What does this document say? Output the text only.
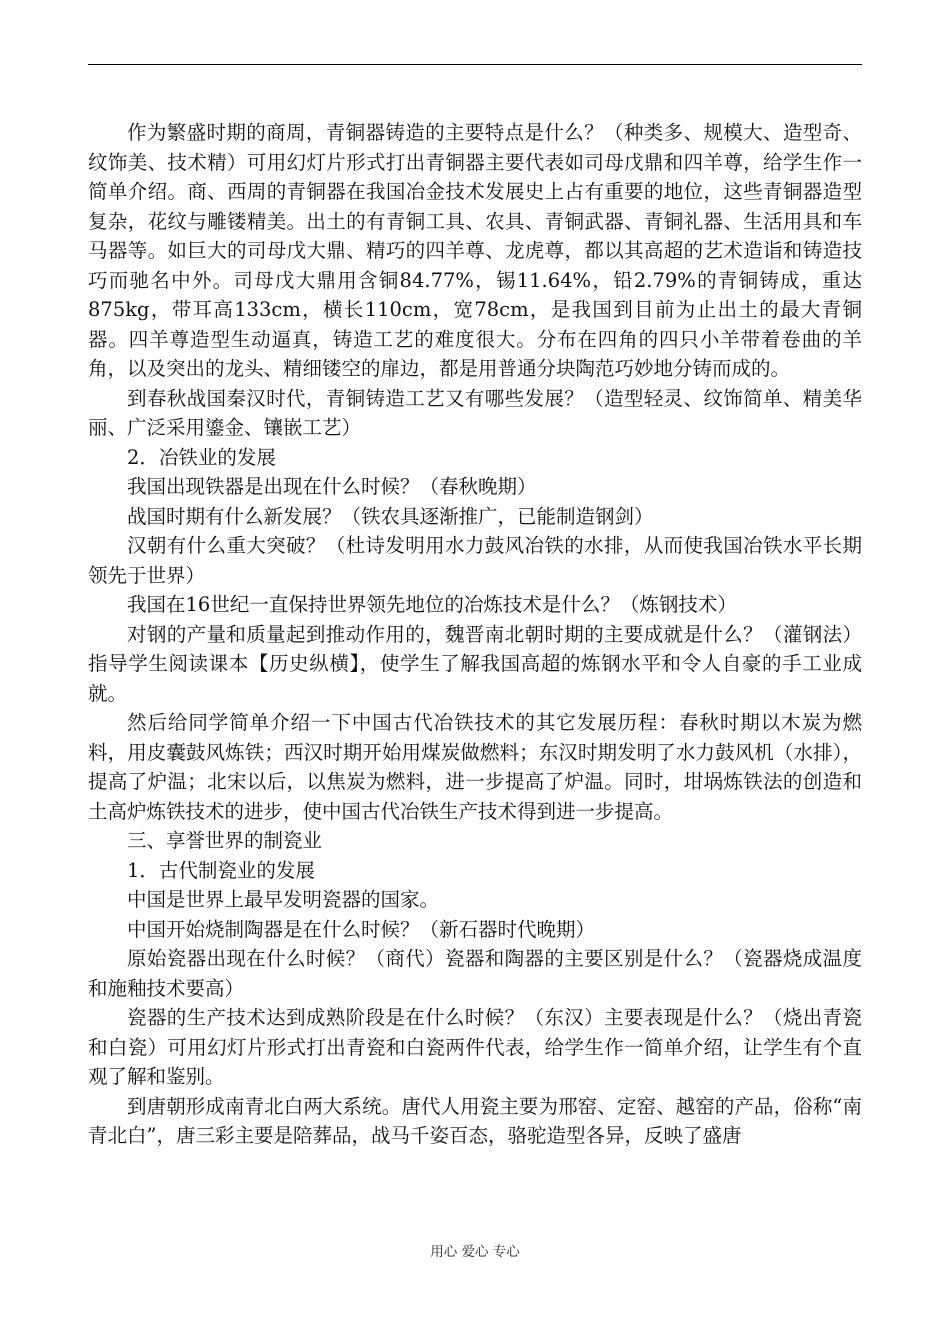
作为繁盛时期的商周，青铜器铸造的主要特点是什么？（种类多、规模大、造型奇、纹饰美、技术精）可用幻灯片形式打出青铜器主要代表如司母戊鼎和四羊尊，给学生作一简单介绍。商、西周的青铜器在我国冶金技术发展史上占有重要的地位，这些青铜器造型复杂，花纹与雕镂精美。出土的有青铜工具、农具、青铜武器、青铜礼器、生活用具和车马器等。如巨大的司母戊大鼎、精巧的四羊尊、龙虎尊，都以其高超的艺术造诣和铸造技巧而驰名中外。司母戊大鼎用含铜84.77%，锡11.64%，铅2.79%的青铜铸成，重达875kg，带耳高133cm，横长110cm，宽78cm，是我国到目前为止出土的最大青铜器。四羊尊造型生动逼真，铸造工艺的难度很大。分布在四角的四只小羊带着卷曲的羊角，以及突出的龙头、精细镂空的扉边，都是用普通分块陶范巧妙地分铸而成的。

到春秋战国秦汉时代，青铜铸造工艺又有哪些发展？（造型轻灵、纹饰简单、精美华丽、广泛采用鎏金、镶嵌工艺）

2．冶铁业的发展

我国出现铁器是出现在什么时候？（春秋晚期）

战国时期有什么新发展？（铁农具逐渐推广，已能制造钢剑）

汉朝有什么重大突破？（杜诗发明用水力鼓风冶铁的水排，从而使我国冶铁水平长期领先于世界）

我国在16世纪一直保持世界领先地位的冶炼技术是什么？（炼钢技术）

对钢的产量和质量起到推动作用的，魏晋南北朝时期的主要成就是什么？（灌钢法）指导学生阅读课本【历史纵横】，使学生了解我国高超的炼钢水平和令人自豪的手工业成就。

然后给同学简单介绍一下中国古代冶铁技术的其它发展历程：春秋时期以木炭为燃料，用皮囊鼓风炼铁；西汉时期开始用煤炭做燃料；东汉时期发明了水力鼓风机（水排），提高了炉温；北宋以后，以焦炭为燃料，进一步提高了炉温。同时，坩埚炼铁法的创造和土高炉炼铁技术的进步，使中国古代冶铁生产技术得到进一步提高。

三、享誉世界的制瓷业

1．古代制瓷业的发展

中国是世界上最早发明瓷器的国家。

中国开始烧制陶器是在什么时候？（新石器时代晚期）

原始瓷器出现在什么时候？（商代）瓷器和陶器的主要区别是什么？（瓷器烧成温度和施釉技术要高）

瓷器的生产技术达到成熟阶段是在什么时候？（东汉）主要表现是什么？（烧出青瓷和白瓷）可用幻灯片形式打出青瓷和白瓷两件代表，给学生作一简单介绍，让学生有个直观了解和鉴别。

到唐朝形成南青北白两大系统。唐代人用瓷主要为邢窑、定窑、越窑的产品，俗称“南青北白”，唐三彩主要是陪葬品，战马千姿百态，骆驼造型各异，反映了盛唐

用心 爱心 专心
